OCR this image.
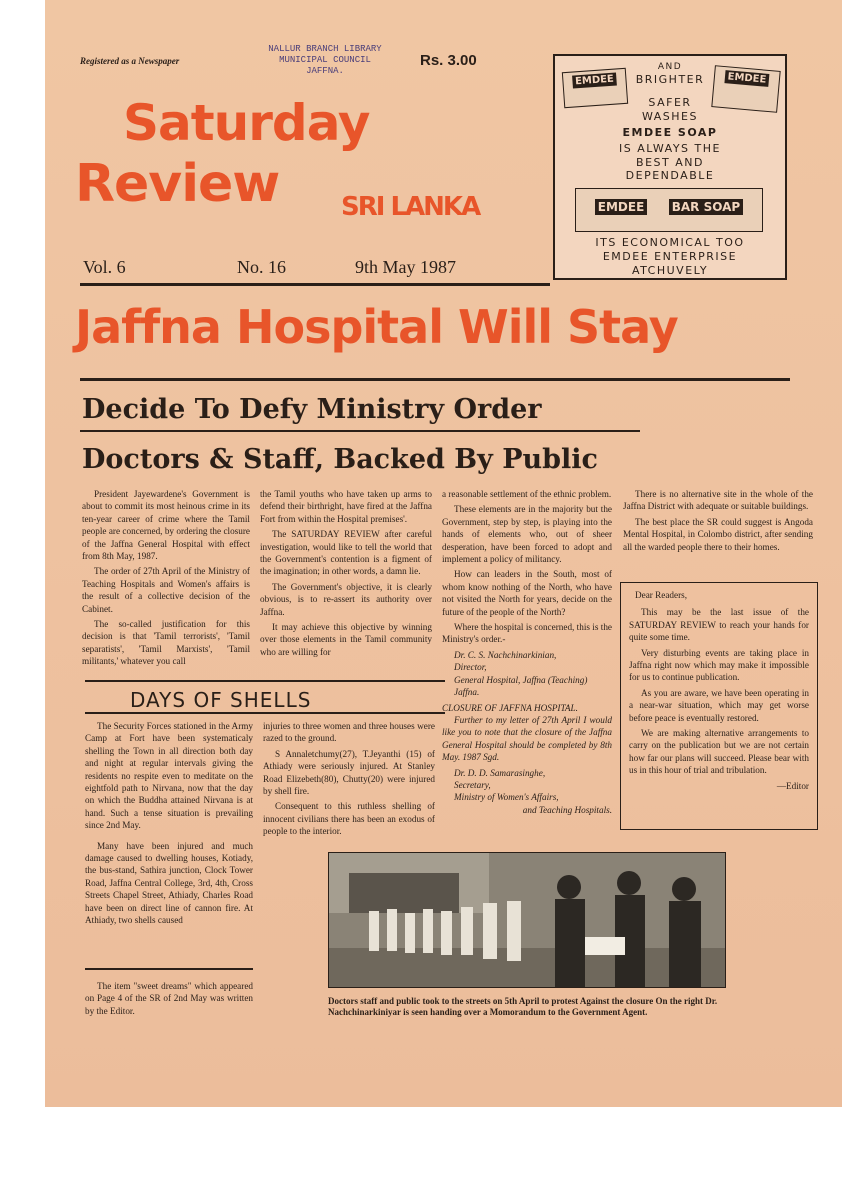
Registered as a Newspaper
NALLUR BRANCH LIBRARY
MUNICIPAL COUNCIL
JAFFNA.
Rs. 3.00
Saturday
Review SRI LANKA
Vol. 6	No. 16	9th May 1987
EMDEE	EMDEE
AND
BRIGHTER
SAFER
WASHES
EMDEE SOAP
IS ALWAYS THE
BEST AND
DEPENDABLE
EMDEE BAR SOAP
ITS ECONOMICAL TOO
EMDEE ENTERPRISE
ATCHUVELY
Jaffna Hospital Will Stay
Decide To Defy Ministry Order
Doctors & Staff, Backed By Public

President Jayewardene's Government is about to commit its most heinous crime in its ten-year career of crime where the Tamil people are concerned, by ordering the closure of the Jaffna General Hospital with effect from 8th May, 1987.

The order of 27th April of the Ministry of Teaching Hospitals and Women's affairs is the result of a collective decision of the Cabinet.

The so-called justification for this decision is that 'Tamil terrorists', 'Tamil separatists', 'Tamil Marxists', 'Tamil militants,' whatever you call

the Tamil youths who have taken up arms to defend their birthright, have fired at the Jaffna Fort from within the Hospital premises'.

The SATURDAY REVIEW after careful investigation, would like to tell the world that the Government's contention is a figment of the imagination; in other words, a damn lie.

The Government's objective, it is clearly obvious, is to re-assert its authority over Jaffna.

It may achieve this objective by winning over those elements in the Tamil community who are willing for

a reasonable settlement of the ethnic problem.

These elements are in the majority but the Government, step by step, is playing into the hands of elements who, out of sheer desperation, have been forced to adopt and implement a policy of militancy.

How can leaders in the South, most of whom know nothing of the North, who have not visited the North for years, decide on the future of the people of the North?

Where the hospital is concerned, this is the Ministry's order.-

Dr. C. S. Nachchinarkinian,
Director,
General Hospital, Jaffna (Teaching)
Jaffna.
CLOSURE OF JAFFNA HOSPITAL.

Further to my letter of 27th April I would like you to note that the closure of the Jaffna General Hospital should be completed by 8th May. 1987 Sgd.

Dr. D. D. Samarasinghe,
Secretary,
Ministry of Women's Affairs,
and Teaching Hospitals.

There is no alternative site in the whole of the Jaffna District with adequate or suitable buildings.

The best place the SR could suggest is Angoda Mental Hospital, in Colombo district, after sending all the warded people there to their homes.

Dear Readers,

This may be the last issue of the SATURDAY REVIEW to reach your hands for quite some time.

Very disturbing events are taking place in Jaffna right now which may make it impossible for us to continue publication.

As you are aware, we have been operating in a near-war situation, which may get worse before peace is eventually restored.

We are making alternative arrangements to carry on the publication but we are not certain how far our plans will succeed. Please bear with us in this hour of trial and tribulation.

—Editor
DAYS OF SHELLS

The Security Forces stationed in the Army Camp at Fort have been systematicaly shelling the Town in all direction both day and night at regular intervals giving the residents no respite even to meditate on the eightfold path to Nirvana, now that the day on which the Buddha attained Nirvana is at hand. Such a tense situation is prevailing since 2nd May.

Many have been injured and much damage caused to dwelling houses, Kotiady, the bus-stand, Sathira junction, Clock Tower Road, Jaffna Central College, 3rd, 4th, Cross Streets Chapel Street, Athiady, Charles Road have been on direct line of cannon fire. At Athiady, two shells caused

injuries to three women and three houses were razed to the ground.

S Annaletchumy(27), T.Jeyanthi (15) of Athiady were seriously injured. At Stanley Road Elizebeth(80), Chutty(20) were injured by shell fire.

Consequent to this ruthless shelling of innocent civilians there has been an exodus of people to the interior.

The item "sweet dreams" which appeared on Page 4 of the SR of 2nd May was written by the Editor.

Doctors staff and public took to the streets on 5th April to protest Against the closure On the right Dr. Nachchinarkiniyar is seen handing over a Momorandum to the Government Agent.
